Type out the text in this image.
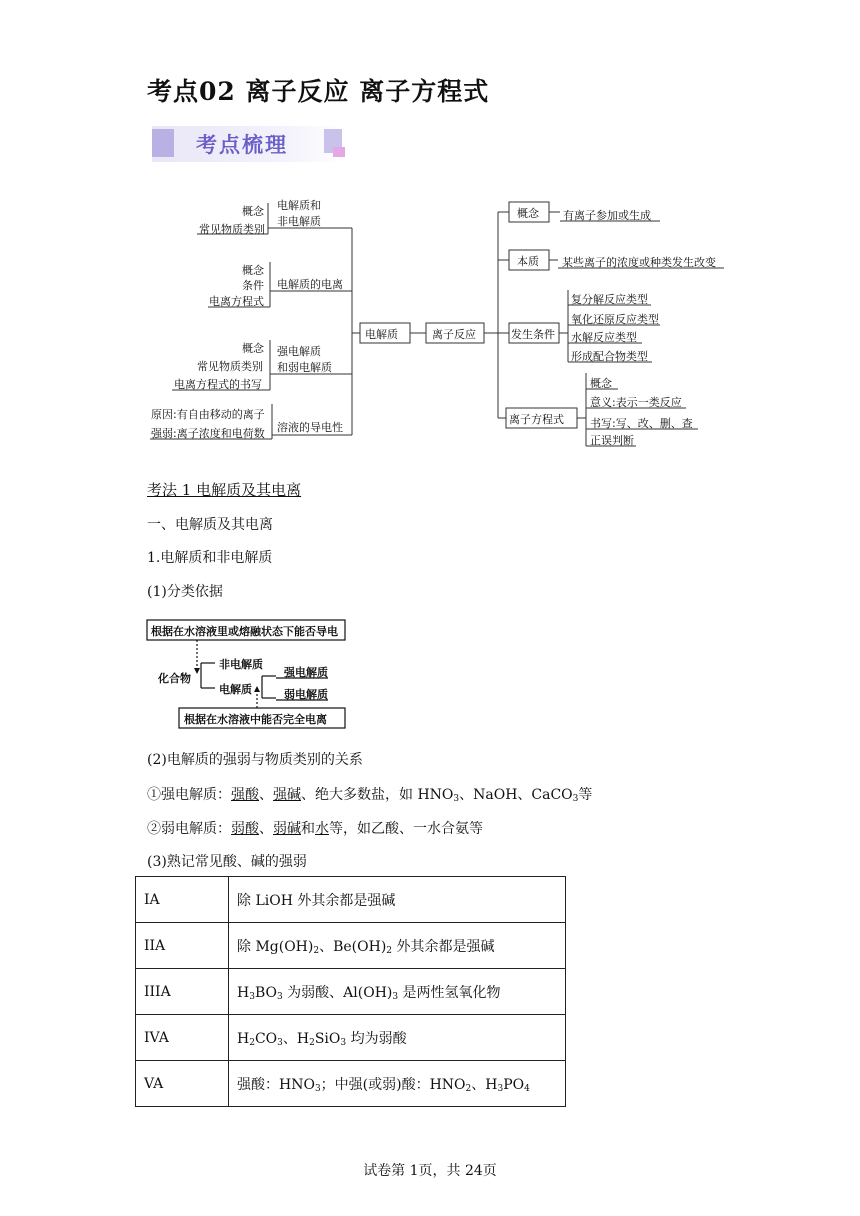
考点02 离子反应 离子方程式
考点梳理
概念
常见物质类别
电解质和
非电解质
概念
条件
电离方程式
电解质的电离
概念
常见物质类别
电离方程式的书写
强电解质
和弱电解质
原因:有自由移动的离子
强弱:离子浓度和电荷数 溶液的导电性
电解质	离子反应
概念 有离子参加或生成
本质 某些离子的浓度或种类发生改变
发生条件
复分解反应类型
氧化还原反应类型
水解反应类型
形成配合物类型
离子方程式
概念
意义:表示一类反应
书写:写、改、删、查
正误判断
考法 1 电解质及其电离
一、电解质及其电离
1.电解质和非电解质
(1)分类依据
根据在水溶液里或熔融状态下能否导电
根据在水溶液中能否完全电离
化合物
非电解质
电解质
强电解质
弱电解质
(2)电解质的强弱与物质类别的关系
①强电解质：强酸、强碱、绝大多数盐，如 $HNO_3$、NaOH、CaCO$_3$等
②弱电解质：弱酸、弱碱和水等，如乙酸、一水合氨等
(3)熟记常见酸、碱的强弱
IA	除 LiOH 外其余都是强碱
IIA	除 $Mg(OH)_2$、$Be(OH)_2$ 外其余都是强碱
IIIA	$H_3BO_3$ 为弱酸、$Al(OH)_3$ 是两性氢氧化物
IVA	$H_2CO_3$、$H_2SiO_3$ 均为弱酸
VA	强酸：$HNO_3$；中强(或弱)酸：$HNO_2$、$H_3PO_4$
试卷第 1页，共 24页
